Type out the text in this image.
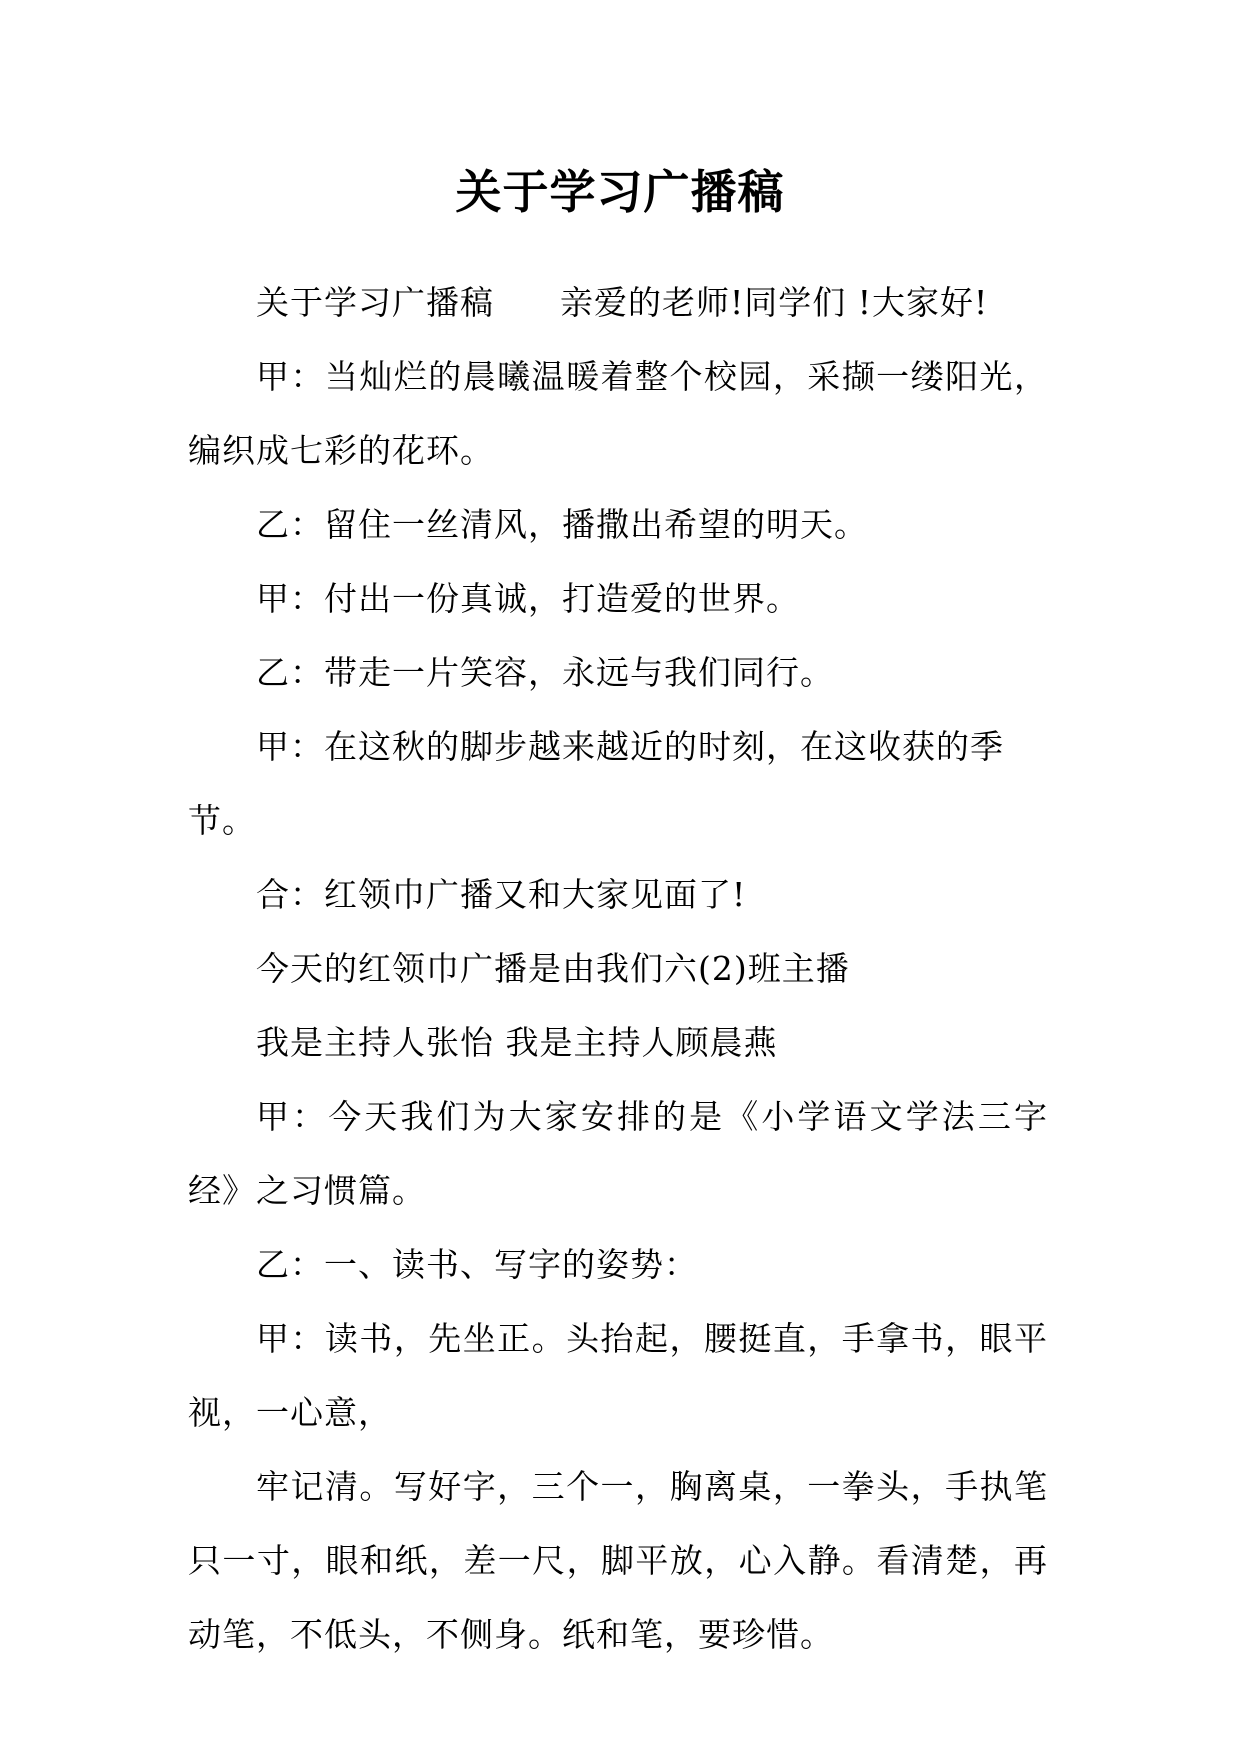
关于学习广播稿

关于学习广播稿 亲爱的老师!同学们 !大家好!

甲：当灿烂的晨曦温暖着整个校园，采撷一缕阳光，编织成七彩的花环。

乙：留住一丝清风，播撒出希望的明天。

甲：付出一份真诚，打造爱的世界。

乙：带走一片笑容，永远与我们同行。

甲：在这秋的脚步越来越近的时刻，在这收获的季节。

合：红领巾广播又和大家见面了!

今天的红领巾广播是由我们六(2)班主播

我是主持人张怡 我是主持人顾晨燕

甲：今天我们为大家安排的是《小学语文学法三字经》之习惯篇。

乙：一、读书、写字的姿势：

甲：读书，先坐正。头抬起，腰挺直，手拿书，眼平视，一心意，

牢记清。写好字，三个一，胸离桌，一拳头，手执笔只一寸，眼和纸，差一尺，脚平放，心入静。看清楚，再动笔，不低头，不侧身。纸和笔，要珍惜。
